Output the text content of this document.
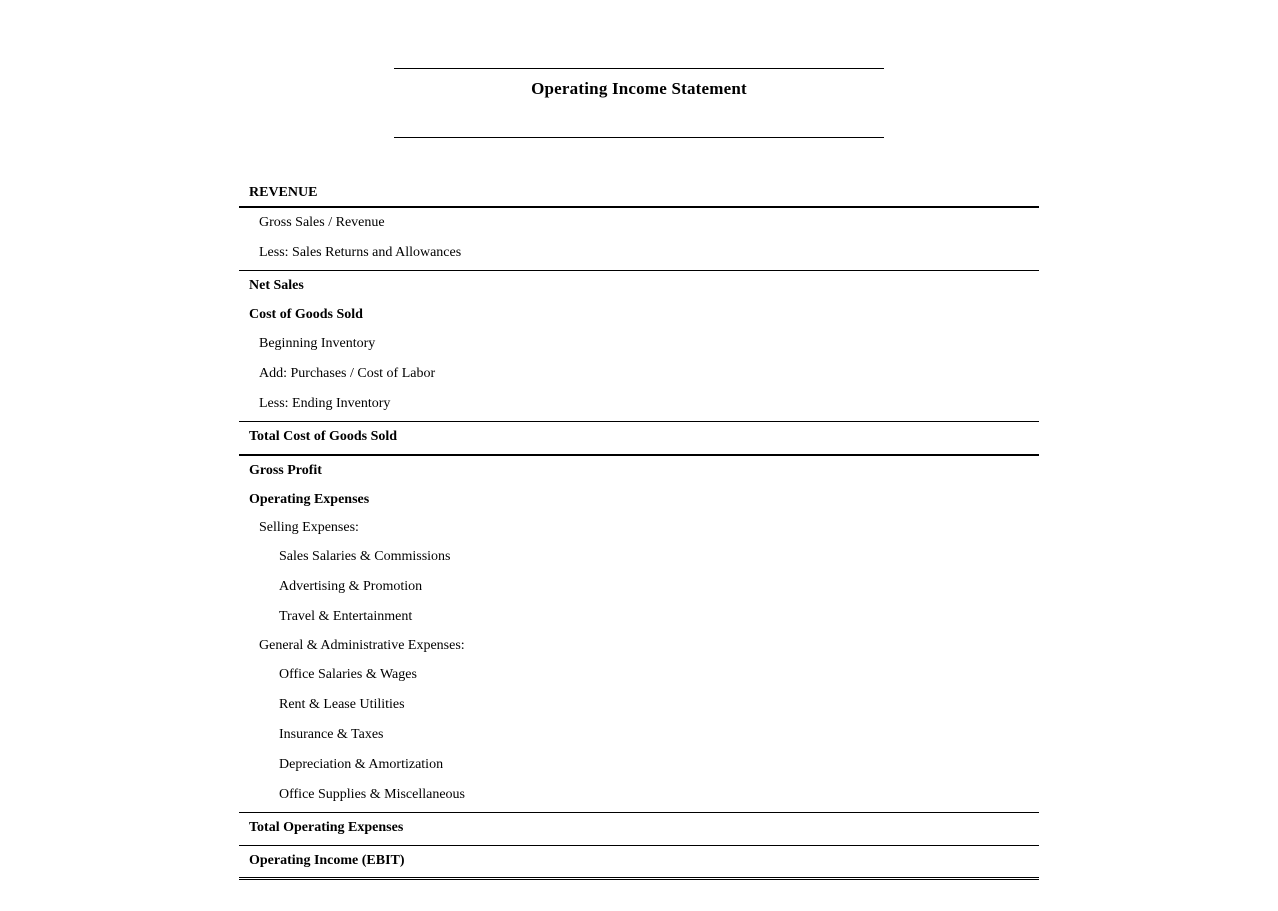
Operating Income Statement
REVENUE
Gross Sales / Revenue
Less: Sales Returns and Allowances
Net Sales
Cost of Goods Sold
Beginning Inventory
Add: Purchases / Cost of Labor
Less: Ending Inventory
Total Cost of Goods Sold
Gross Profit
Operating Expenses
Selling Expenses:
Sales Salaries & Commissions
Advertising & Promotion
Travel & Entertainment
General & Administrative Expenses:
Office Salaries & Wages
Rent & Lease Utilities
Insurance & Taxes
Depreciation & Amortization
Office Supplies & Miscellaneous
Total Operating Expenses
Operating Income (EBIT)
